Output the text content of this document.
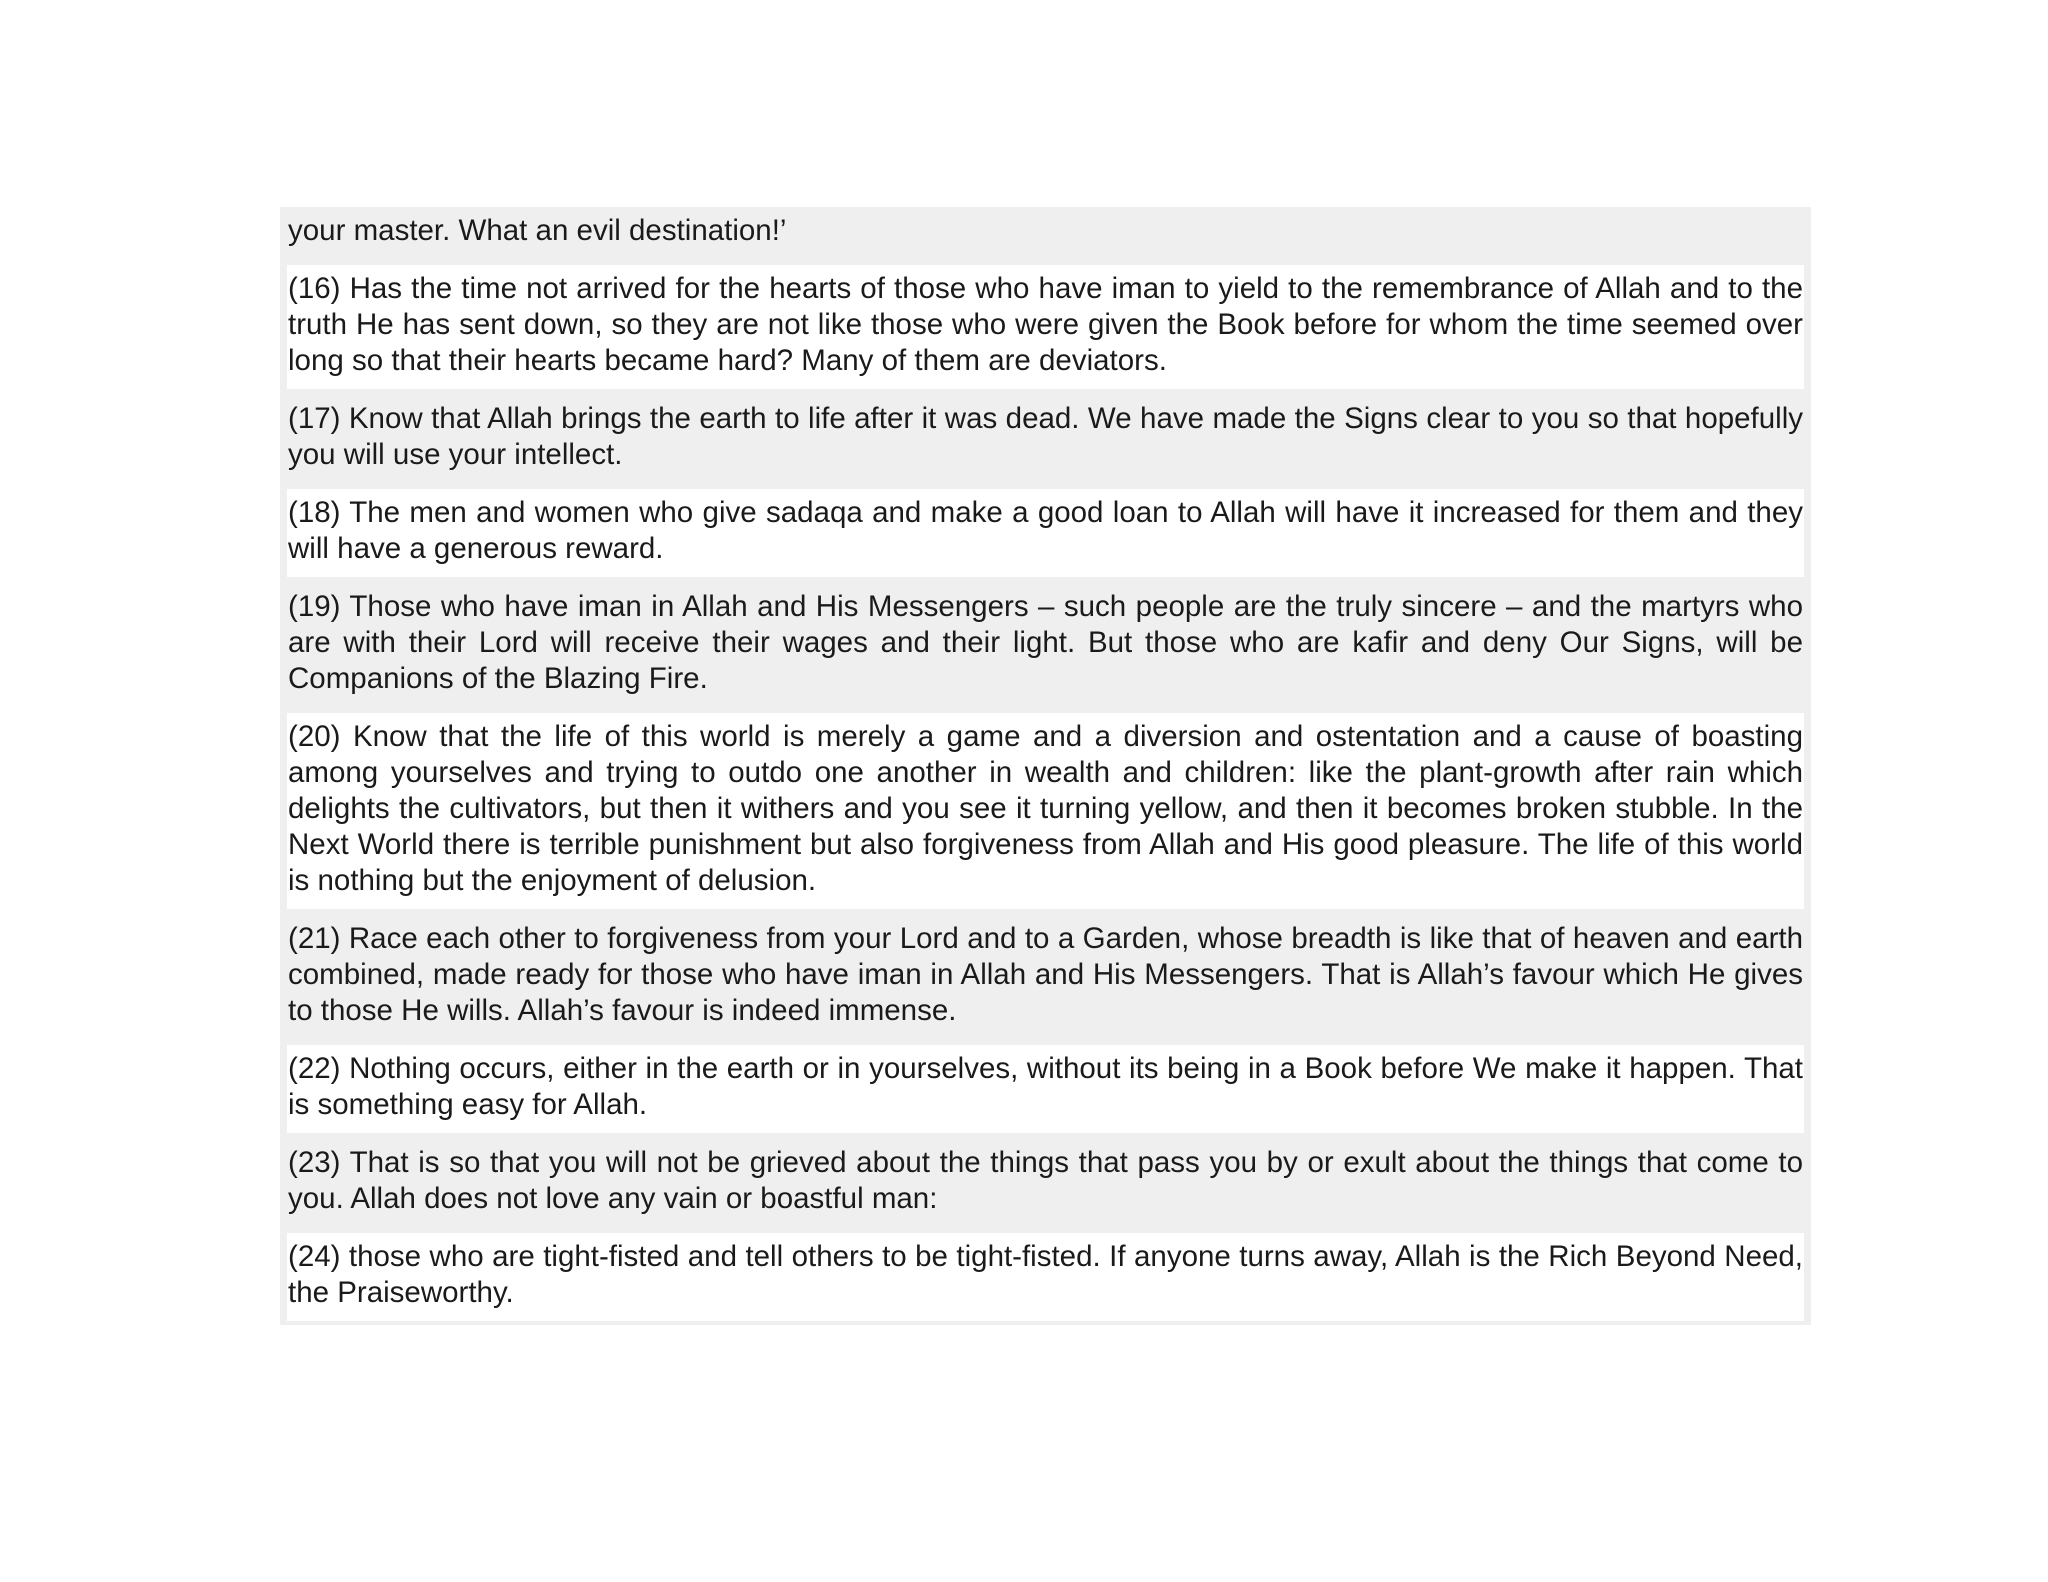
your master. What an evil destination!’
(16) Has the time not arrived for the hearts of those who have iman to yield to the remembrance of Allah and to the truth He has sent down, so they are not like those who were given the Book before for whom the time seemed over long so that their hearts became hard? Many of them are deviators.
(17) Know that Allah brings the earth to life after it was dead. We have made the Signs clear to you so that hopefully you will use your intellect.
(18) The men and women who give sadaqa and make a good loan to Allah will have it increased for them and they will have a generous reward.
(19) Those who have iman in Allah and His Messengers – such people are the truly sincere – and the martyrs who are with their Lord will receive their wages and their light. But those who are kafir and deny Our Signs, will be Companions of the Blazing Fire.
(20) Know that the life of this world is merely a game and a diversion and ostentation and a cause of boasting among yourselves and trying to outdo one another in wealth and children: like the plant-growth after rain which delights the cultivators, but then it withers and you see it turning yellow, and then it becomes broken stubble. In the Next World there is terrible punishment but also forgiveness from Allah and His good pleasure. The life of this world is nothing but the enjoyment of delusion.
(21) Race each other to forgiveness from your Lord and to a Garden, whose breadth is like that of heaven and earth combined, made ready for those who have iman in Allah and His Messengers. That is Allah’s favour which He gives to those He wills. Allah’s favour is indeed immense.
(22) Nothing occurs, either in the earth or in yourselves, without its being in a Book before We make it happen. That is something easy for Allah.
(23) That is so that you will not be grieved about the things that pass you by or exult about the things that come to you. Allah does not love any vain or boastful man:
(24) those who are tight-fisted and tell others to be tight-fisted. If anyone turns away, Allah is the Rich Beyond Need, the Praiseworthy.
